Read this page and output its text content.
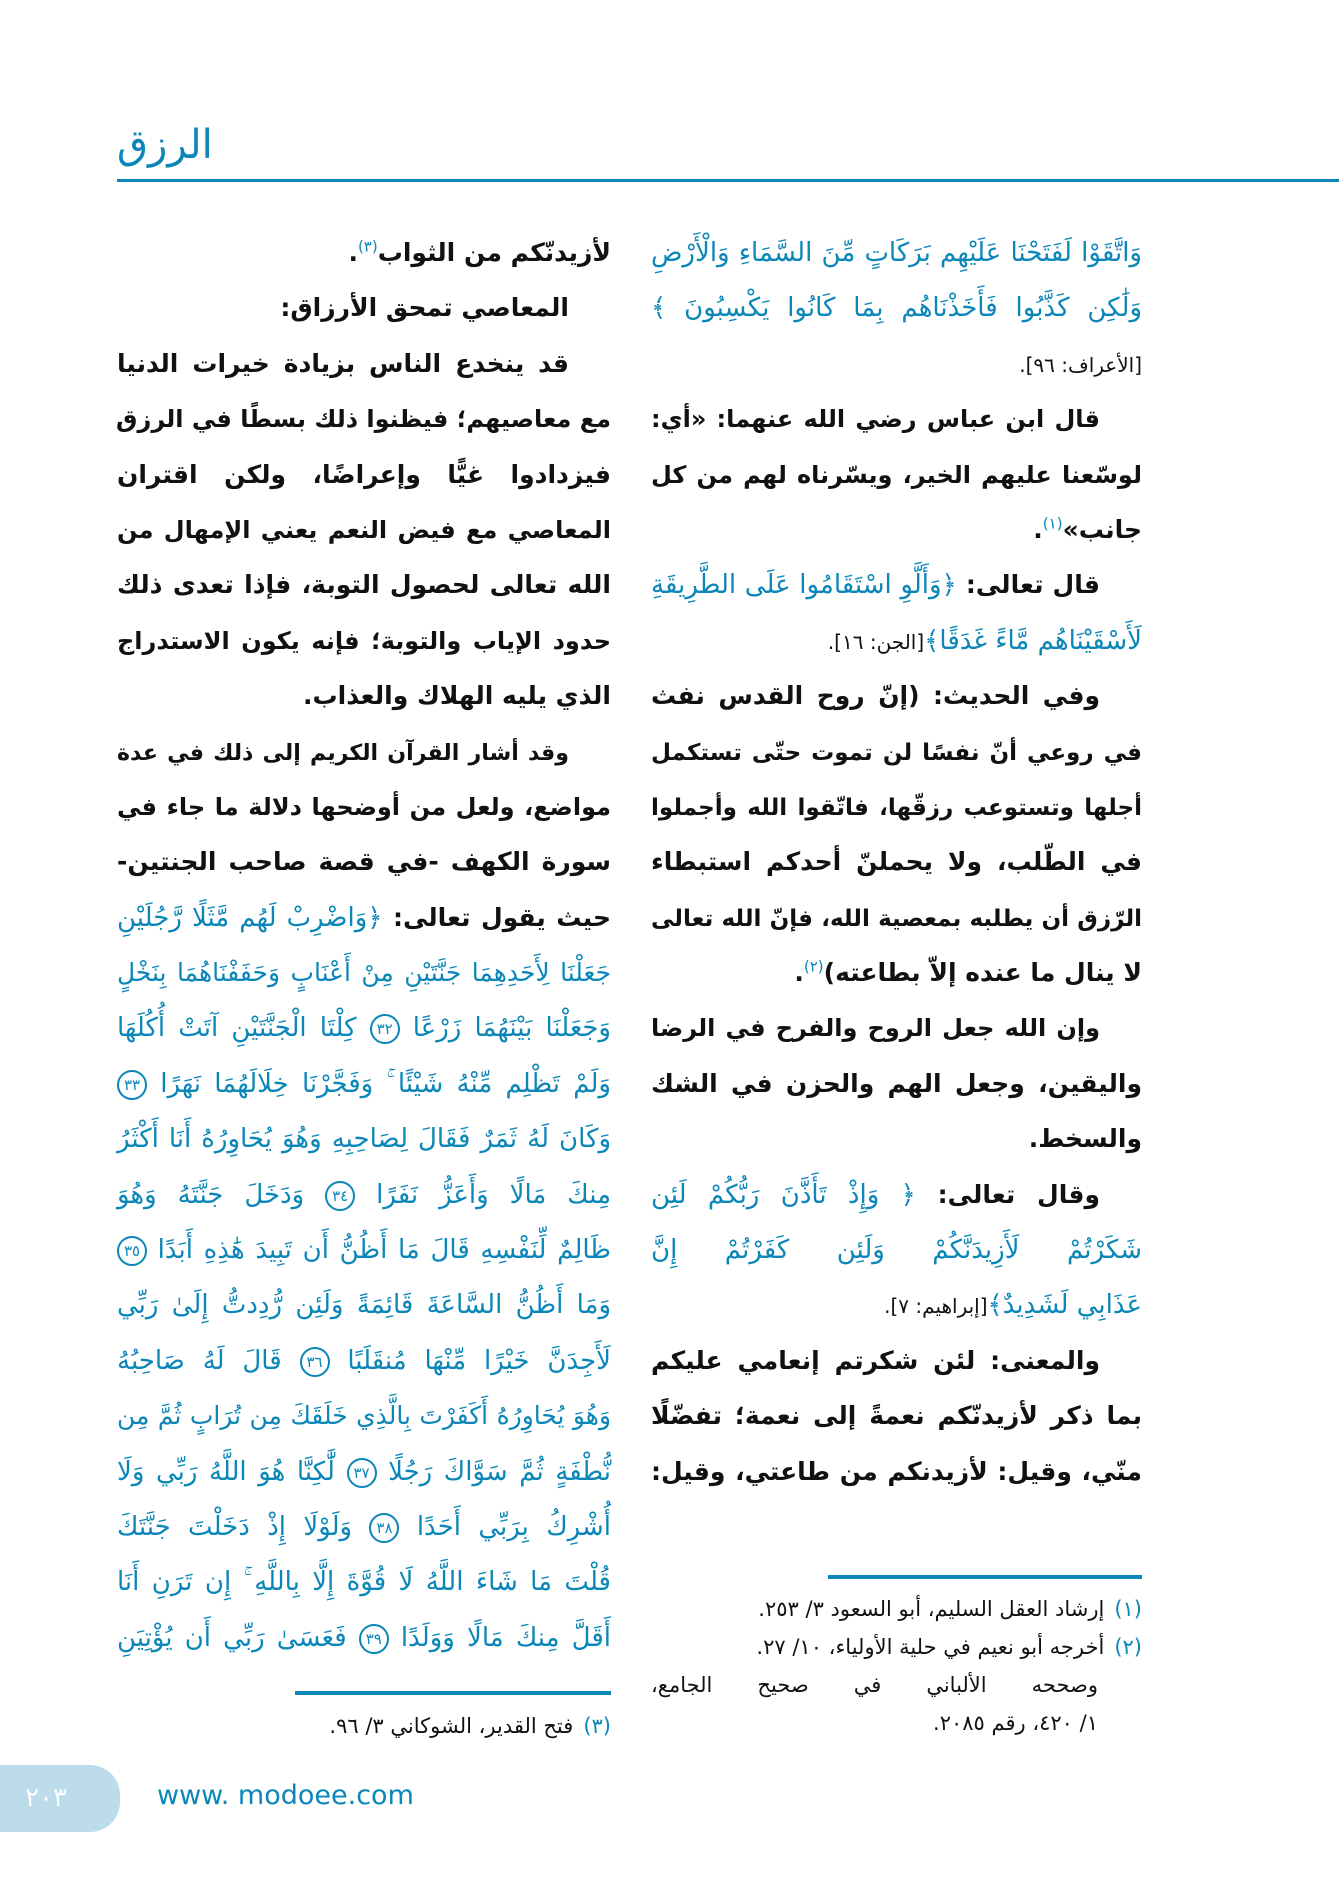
الرزق
وَاتَّقَوْا لَفَتَحْنَا عَلَيْهِم بَرَكَاتٍ مِّنَ السَّمَاءِ وَالْأَرْضِ
وَلَٰكِن كَذَّبُوا فَأَخَذْنَاهُم بِمَا كَانُوا يَكْسِبُونَ ﴾
[الأعراف: ٩٦].
قال ابن عباس رضي الله عنهما: «أي:
لوسّعنا عليهم الخير، ويسّرناه لهم من كل
جانب»$^{(١)}$.
قال تعالى: ﴿وَأَلَّوِ اسْتَقَامُوا عَلَى الطَّرِيقَةِ
لَأَسْقَيْنَاهُم مَّاءً غَدَقًا﴾[الجن: ١٦].
وفي الحديث: (إنّ روح القدس نفث
في روعي أنّ نفسًا لن تموت حتّى تستكمل
أجلها وتستوعب رزقّها، فاتّقوا الله وأجملوا
في الطّلب، ولا يحملنّ أحدكم استبطاء
الرّزق أن يطلبه بمعصية الله، فإنّ الله تعالى
لا ينال ما عنده إلاّ بطاعته)$^{(٢)}$.
وإن الله جعل الروح والفرح في الرضا
واليقين، وجعل الهم والحزن في الشك
والسخط.
وقال تعالى: ﴿ وَإِذْ تَأَذَّنَ رَبُّكُمْ لَئِن
شَكَرْتُمْ لَأَزِيدَنَّكُمْ وَلَئِن كَفَرْتُمْ إِنَّ
عَذَابِي لَشَدِيدٌ﴾[إبراهيم: ٧].
والمعنى: لئن شكرتم إنعامي عليكم
بما ذكر لأزيدنّكم نعمةً إلى نعمة؛ تفضّلًا
منّي، وقيل: لأزيدنكم من طاعتي، وقيل:
لأزيدنّكم من الثواب$^{(٣)}$.
المعاصي تمحق الأرزاق:
قد ينخدع الناس بزيادة خيرات الدنيا
مع معاصيهم؛ فيظنوا ذلك بسطًا في الرزق
فيزدادوا غيًّا وإعراضًا، ولكن اقتران
المعاصي مع فيض النعم يعني الإمهال من
الله تعالى لحصول التوبة، فإذا تعدى ذلك
حدود الإياب والتوبة؛ فإنه يكون الاستدراج
الذي يليه الهلاك والعذاب.
وقد أشار القرآن الكريم إلى ذلك في عدة
مواضع، ولعل من أوضحها دلالة ما جاء في
سورة الكهف -في قصة صاحب الجنتين-
حيث يقول تعالى: ﴿وَاضْرِبْ لَهُم مَّثَلًا رَّجُلَيْنِ
جَعَلْنَا لِأَحَدِهِمَا جَنَّتَيْنِ مِنْ أَعْنَابٍ وَحَفَفْنَاهُمَا بِنَخْلٍ
وَجَعَلْنَا بَيْنَهُمَا زَرْعًا ٣٢ كِلْتَا الْجَنَّتَيْنِ آتَتْ أُكُلَهَا
وَلَمْ تَظْلِم مِّنْهُ شَيْئًا ۚ وَفَجَّرْنَا خِلَالَهُمَا نَهَرًا ٣٣
وَكَانَ لَهُ ثَمَرٌ فَقَالَ لِصَاحِبِهِ وَهُوَ يُحَاوِرُهُ أَنَا أَكْثَرُ
مِنكَ مَالًا وَأَعَزُّ نَفَرًا ٣٤ وَدَخَلَ جَنَّتَهُ وَهُوَ
ظَالِمٌ لِّنَفْسِهِ قَالَ مَا أَظُنُّ أَن تَبِيدَ هَٰذِهِ أَبَدًا ٣٥
وَمَا أَظُنُّ السَّاعَةَ قَائِمَةً وَلَئِن رُّدِدتُّ إِلَىٰ رَبِّي
لَأَجِدَنَّ خَيْرًا مِّنْهَا مُنقَلَبًا ٣٦ قَالَ لَهُ صَاحِبُهُ
وَهُوَ يُحَاوِرُهُ أَكَفَرْتَ بِالَّذِي خَلَقَكَ مِن تُرَابٍ ثُمَّ مِن
نُّطْفَةٍ ثُمَّ سَوَّاكَ رَجُلًا ٣٧ لَّٰكِنَّا هُوَ اللَّهُ رَبِّي وَلَا
أُشْرِكُ بِرَبِّي أَحَدًا ٣٨ وَلَوْلَا إِذْ دَخَلْتَ جَنَّتَكَ
قُلْتَ مَا شَاءَ اللَّهُ لَا قُوَّةَ إِلَّا بِاللَّهِ ۚ إِن تَرَنِ أَنَا
أَقَلَّ مِنكَ مَالًا وَوَلَدًا ٣٩ فَعَسَىٰ رَبِّي أَن يُؤْتِيَنِ
(١)إرشاد العقل السليم، أبو السعود ٣/ ٢٥٣.
(٢)أخرجه أبو نعيم في حلية الأولياء، ١٠/ ٢٧.
وصححه الألباني في صحيح الجامع،
١/ ٤٢٠، رقم ٢٠٨٥.
(٣)فتح القدير، الشوكاني ٣/ ٩٦.
٢٠٣	www. modoee.com
